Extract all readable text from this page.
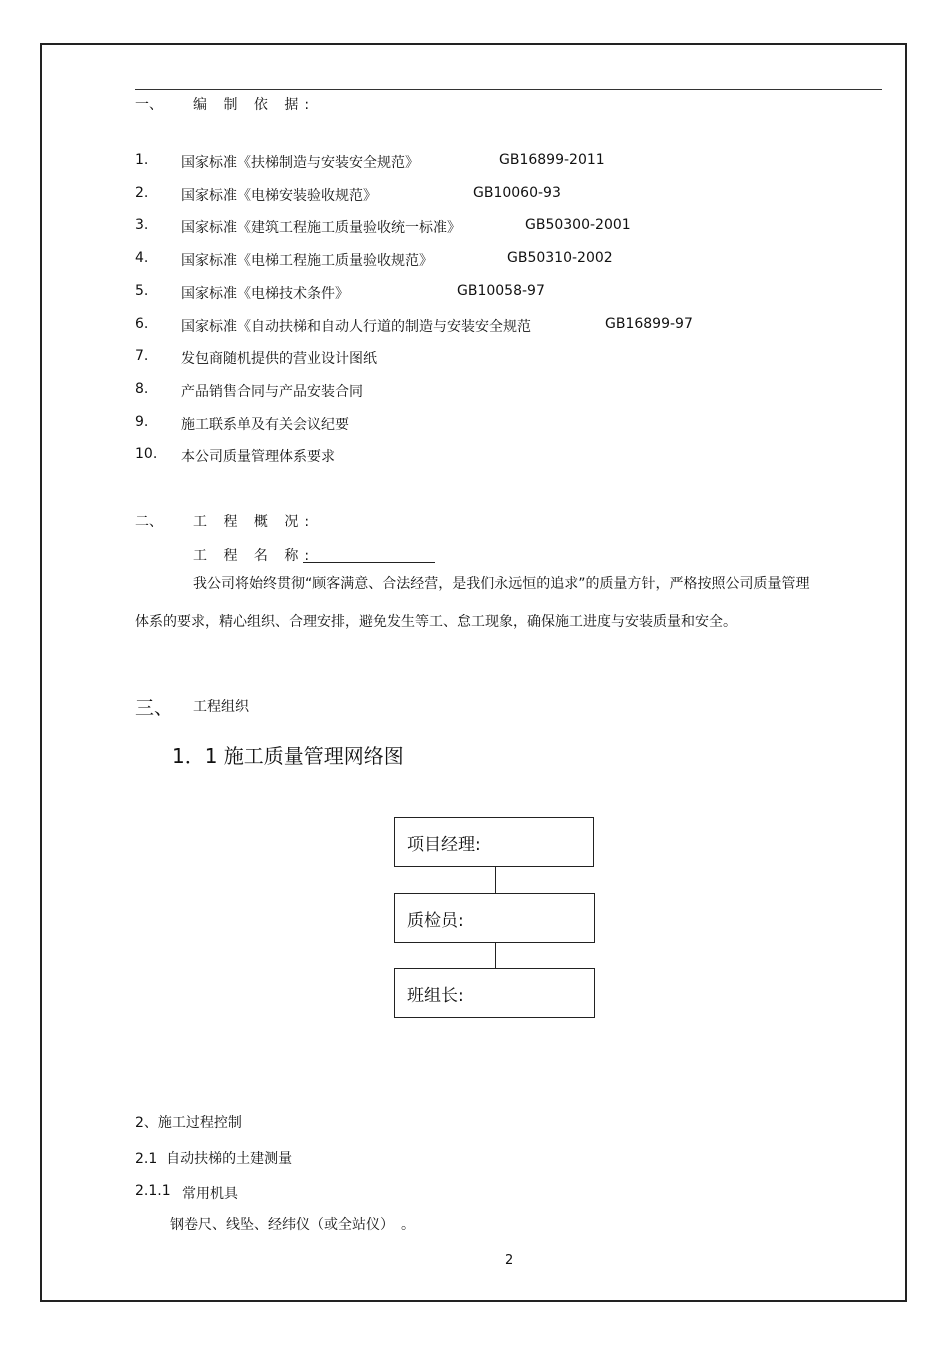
一、 编 制 依 据:
1. 国家标准《扶梯制造与安装安全规范》	GB16899-2011
2. 国家标准《电梯安装验收规范》	GB10060-93
3. 国家标准《建筑工程施工质量验收统一标准》	GB50300-2001
4. 国家标准《电梯工程施工质量验收规范》	GB50310-2002
5. 国家标准《电梯技术条件》	GB10058-97
6. 国家标准《自动扶梯和自动人行道的制造与安装安全规范	GB16899-97
7. 发包商随机提供的营业设计图纸
8. 产品销售合同与产品安装合同
9. 施工联系单及有关会议纪要
10. 本公司质量管理体系要求
二、 工 程 概 况:
工 程 名 称:
我公司将始终贯彻“顾客满意、合法经营，是我们永远恒的追求”的质量方针，严格按照公司质量管理体系的要求，精心组织、合理安排，避免发生等工、怠工现象，确保施工进度与安装质量和安全。
三、 工程组织
1．1 施工质量管理网络图
项目经理:
质检员:
班组长:
2、施工过程控制
2.1  自动扶梯的土建测量
2.1.1 常用机具
钢卷尺、线坠、经纬仪（或全站仪）　。
2
